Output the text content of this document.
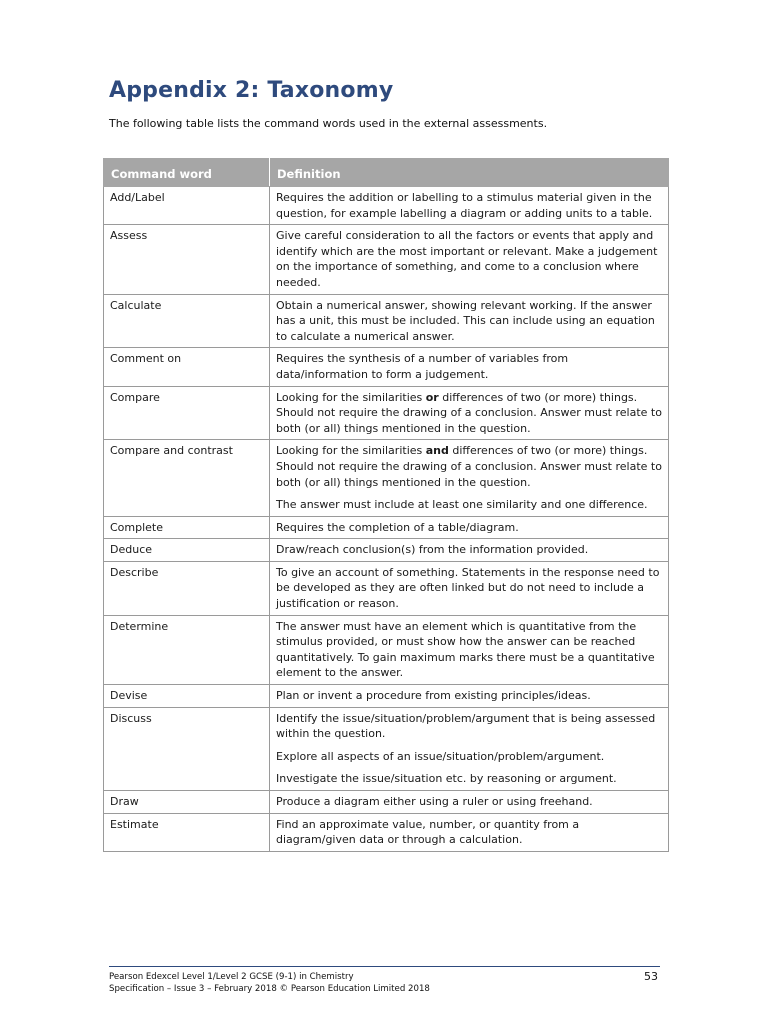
Appendix 2: Taxonomy

The following table lists the command words used in the external assessments.

Command word	Definition
Add/Label	Requires the addition or labelling to a stimulus material given in the question, for example labelling a diagram or adding units to a table.

Assess	Give careful consideration to all the factors or events that apply and identify which are the most important or relevant. Make a judgement on the importance of something, and come to a conclusion where needed.

Calculate	Obtain a numerical answer, showing relevant working. If the answer has a unit, this must be included. This can include using an equation to calculate a numerical answer.

Comment on	Requires the synthesis of a number of variables from data/information to form a judgement.

Compare	Looking for the similarities or differences of two (or more) things. Should not require the drawing of a conclusion. Answer must relate to both (or all) things mentioned in the question.

Compare and contrast	Looking for the similarities and differences of two (or more) things. Should not require the drawing of a conclusion. Answer must relate to both (or all) things mentioned in the question.

The answer must include at least one similarity and one difference.

Complete	Requires the completion of a table/diagram.

Deduce	Draw/reach conclusion(s) from the information provided.

Describe	To give an account of something. Statements in the response need to be developed as they are often linked but do not need to include a justification or reason.

Determine	The answer must have an element which is quantitative from the stimulus provided, or must show how the answer can be reached quantitatively. To gain maximum marks there must be a quantitative element to the answer.

Devise	Plan or invent a procedure from existing principles/ideas.

Discuss	Identify the issue/situation/problem/argument that is being assessed within the question.

Explore all aspects of an issue/situation/problem/argument.

Investigate the issue/situation etc. by reasoning or argument.

Draw	Produce a diagram either using a ruler or using freehand.

Estimate	Find an approximate value, number, or quantity from a diagram/given data or through a calculation.

Pearson Edexcel Level 1/Level 2 GCSE (9-1) in Chemistry
Specification – Issue 3 – February 2018 © Pearson Education Limited 2018
53
